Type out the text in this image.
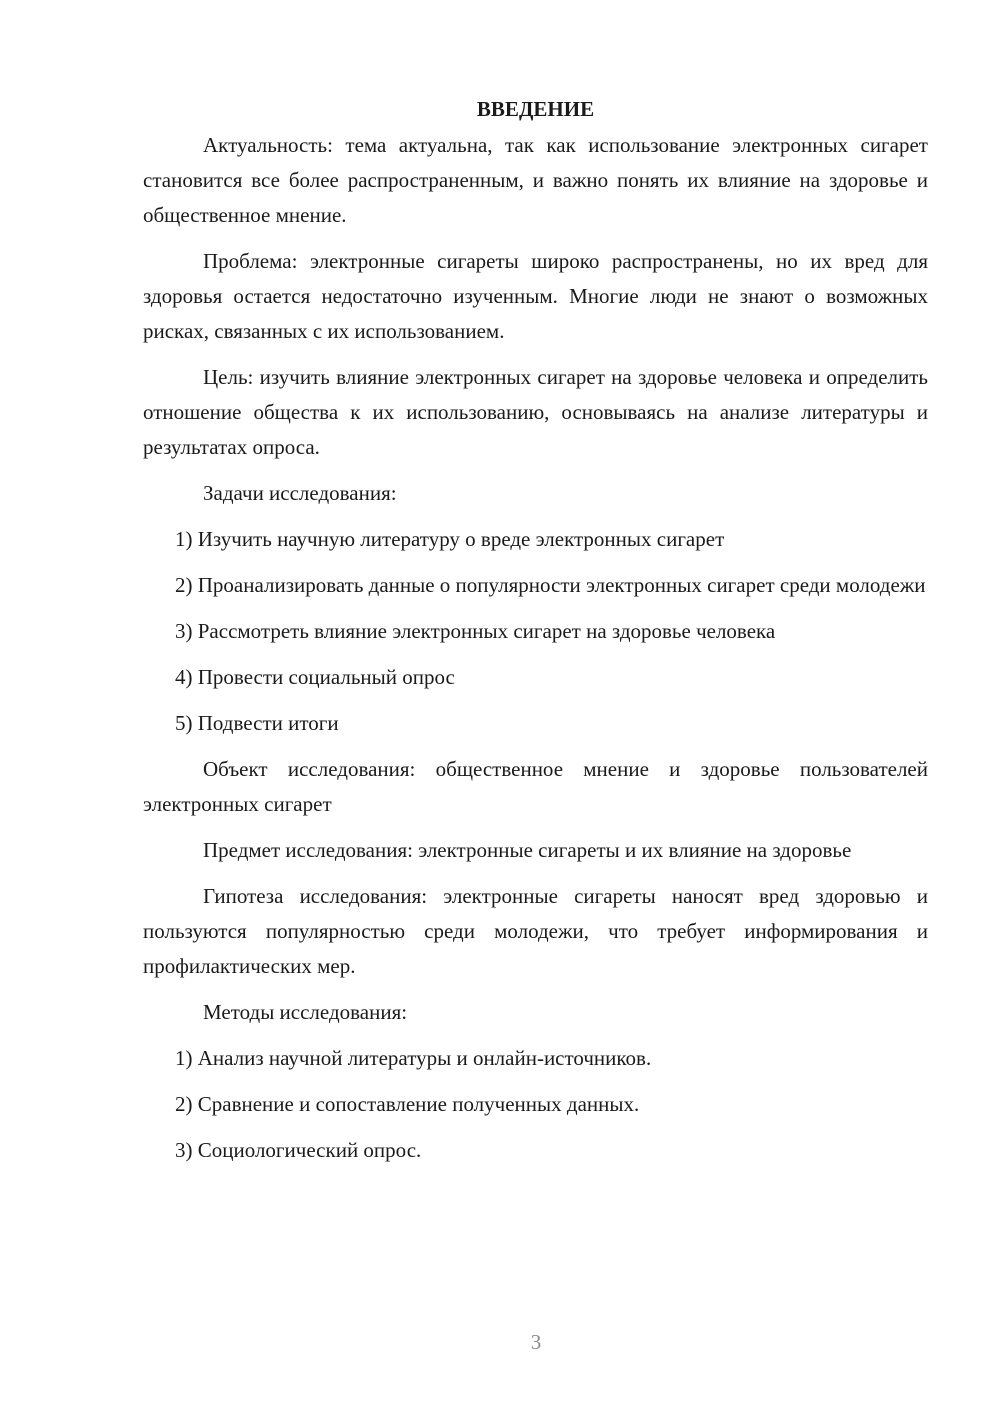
ВВЕДЕНИЕ

Актуальность: тема актуальна, так как использование электронных сигарет становится все более распространенным, и важно понять их влияние на здоровье и общественное мнение.

Проблема: электронные сигареты широко распространены, но их вред для здоровья остается недостаточно изученным. Многие люди не знают о возможных рисках, связанных с их использованием.

Цель: изучить влияние электронных сигарет на здоровье человека и определить отношение общества к их использованию, основываясь на анализе литературы и результатах опроса.

Задачи исследования:

1) Изучить научную литературу о вреде электронных сигарет

2) Проанализировать данные о популярности электронных сигарет среди молодежи

3) Рассмотреть влияние электронных сигарет на здоровье человека

4) Провести социальный опрос

5) Подвести итоги

Объект исследования: общественное мнение и здоровье пользователей электронных сигарет

Предмет исследования: электронные сигареты и их влияние на здоровье

Гипотеза исследования: электронные сигареты наносят вред здоровью и пользуются популярностью среди молодежи, что требует информирования и профилактических мер.

Методы исследования:

1) Анализ научной литературы и онлайн-источников.

2) Сравнение и сопоставление полученных данных.

3) Социологический опрос.

3
